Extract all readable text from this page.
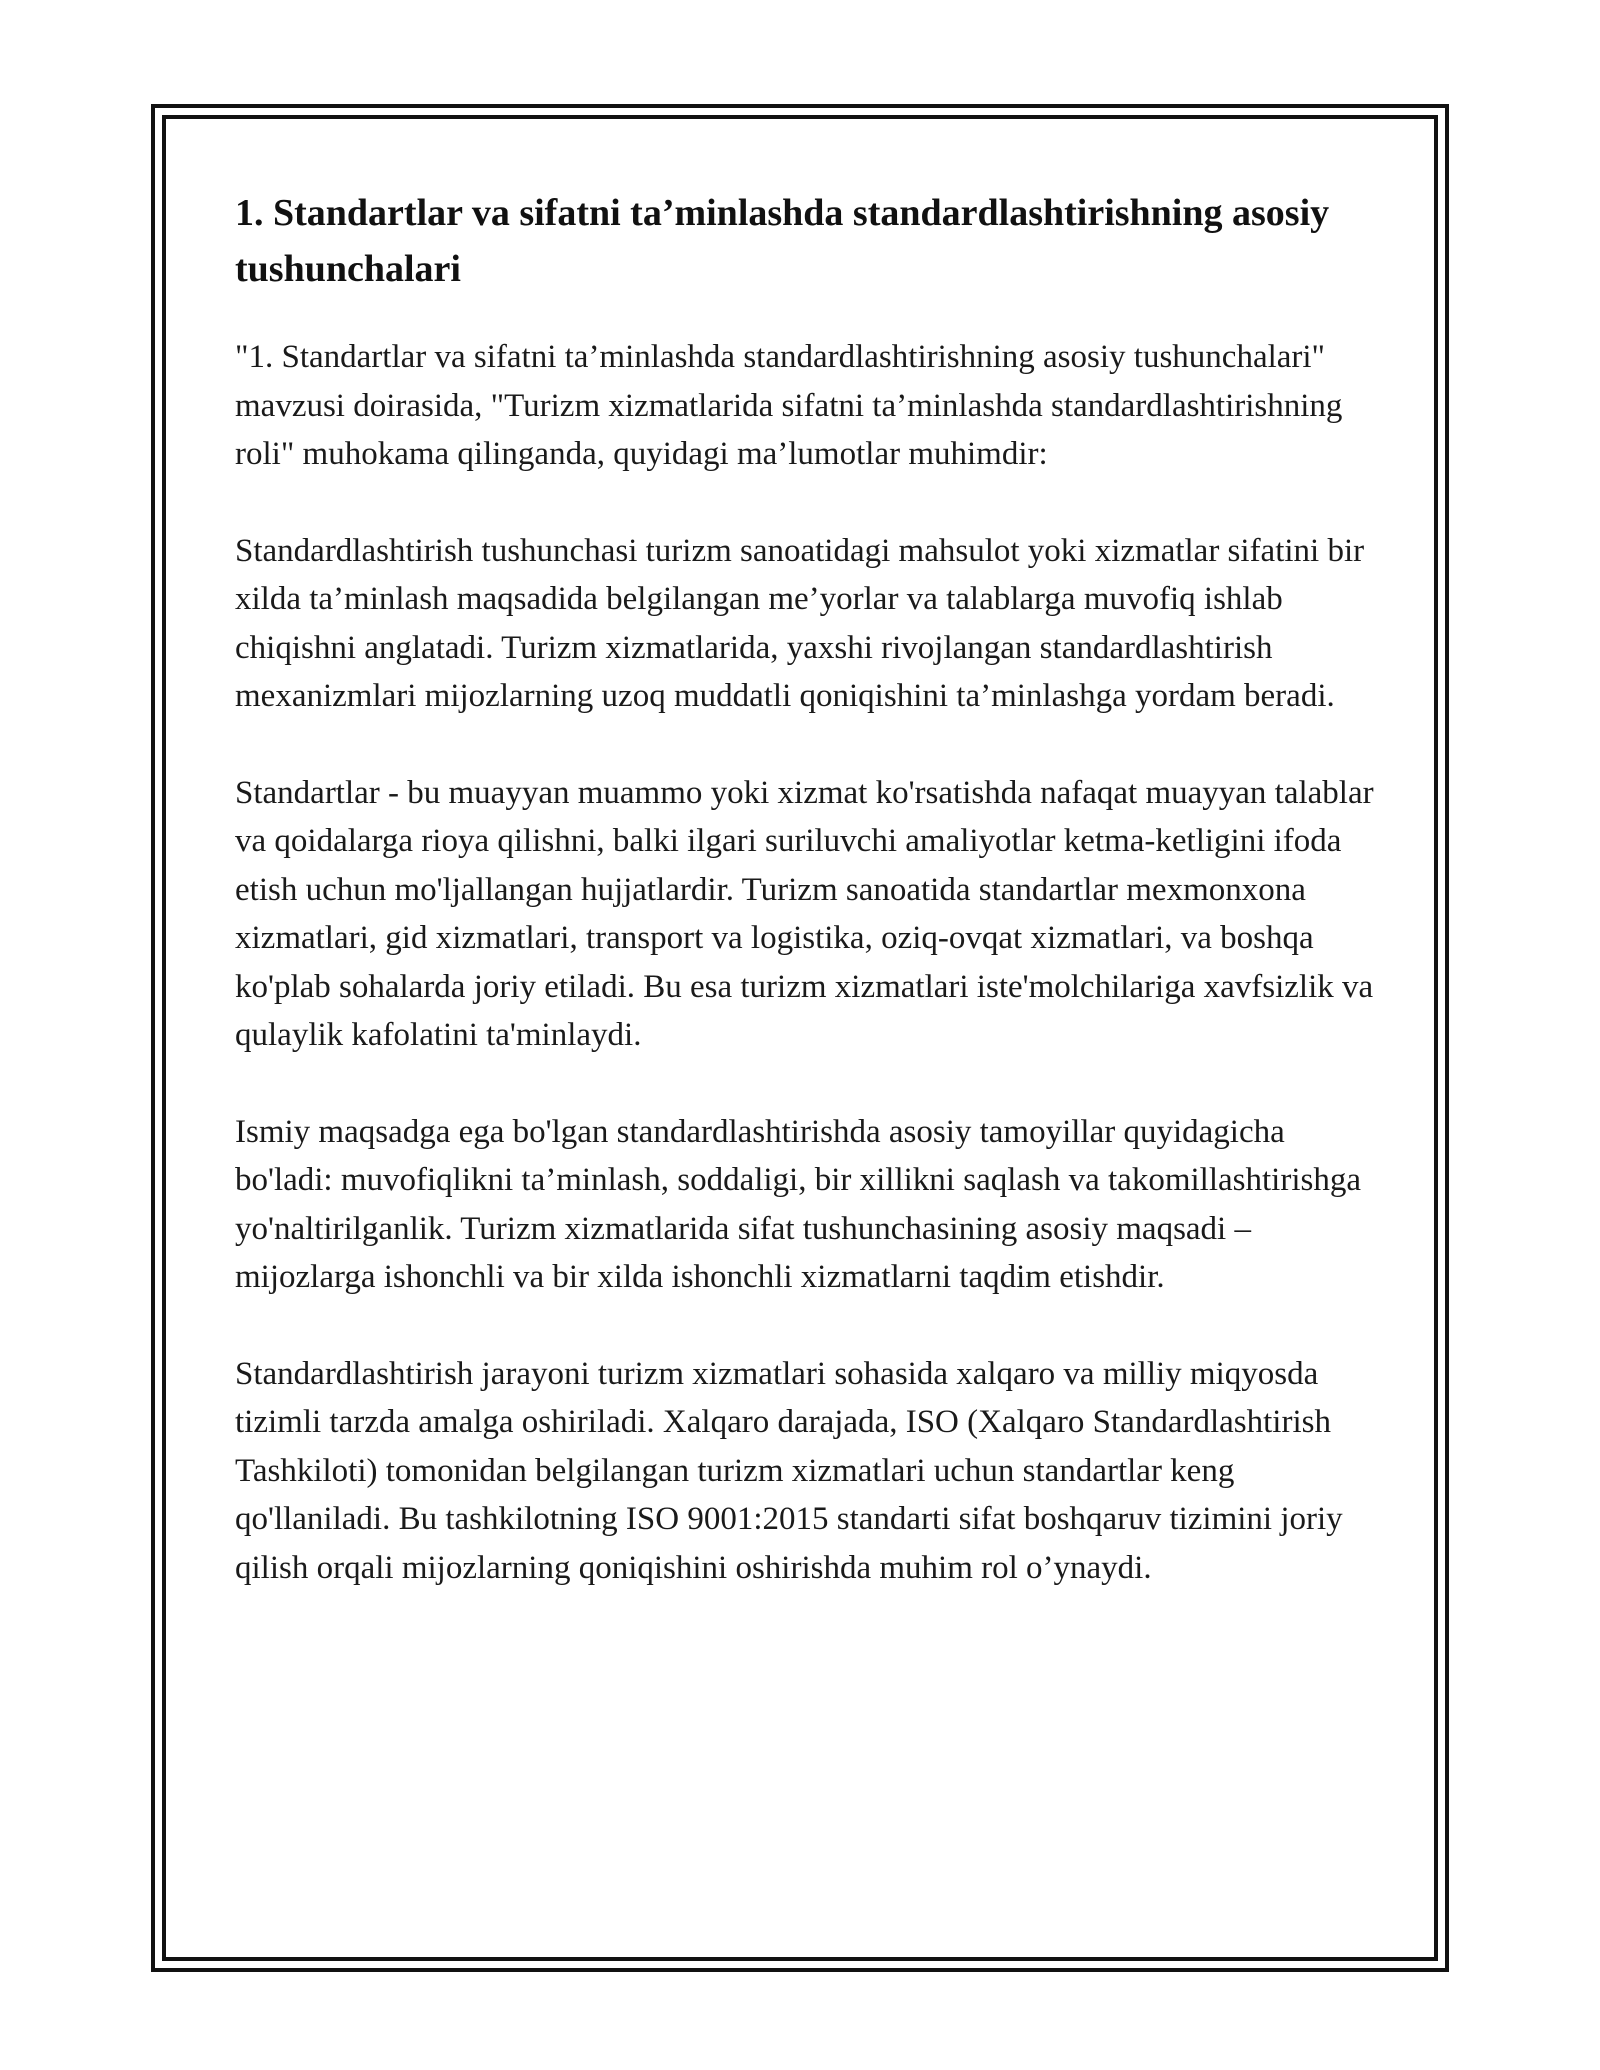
1. Standartlar va sifatni ta’minlashda standardlashtirishning asosiy tushunchalari

"1. Standartlar va sifatni ta’minlashda standardlashtirishning asosiy tushunchalari" mavzusi doirasida, "Turizm xizmatlarida sifatni ta’minlashda standardlashtirishning roli" muhokama qilinganda, quyidagi ma’lumotlar muhimdir:

Standardlashtirish tushunchasi turizm sanoatidagi mahsulot yoki xizmatlar sifatini bir xilda ta’minlash maqsadida belgilangan me’yorlar va talablarga muvofiq ishlab chiqishni anglatadi. Turizm xizmatlarida, yaxshi rivojlangan standardlashtirish mexanizmlari mijozlarning uzoq muddatli qoniqishini ta’minlashga yordam beradi.

Standartlar - bu muayyan muammo yoki xizmat ko'rsatishda nafaqat muayyan talablar va qoidalarga rioya qilishni, balki ilgari suriluvchi amaliyotlar ketma-ketligini ifoda etish uchun mo'ljallangan hujjatlardir. Turizm sanoatida standartlar mexmonxona xizmatlari, gid xizmatlari, transport va logistika, oziq-ovqat xizmatlari, va boshqa ko'plab sohalarda joriy etiladi. Bu esa turizm xizmatlari iste'molchilariga xavfsizlik va qulaylik kafolatini ta'minlaydi.

Ismiy maqsadga ega bo'lgan standardlashtirishda asosiy tamoyillar quyidagicha bo'ladi: muvofiqlikni ta’minlash, soddaligi, bir xillikni saqlash va takomillashtirishga yo'naltirilganlik. Turizm xizmatlarida sifat tushunchasining asosiy maqsadi – mijozlarga ishonchli va bir xilda ishonchli xizmatlarni taqdim etishdir.

Standardlashtirish jarayoni turizm xizmatlari sohasida xalqaro va milliy miqyosda tizimli tarzda amalga oshiriladi. Xalqaro darajada, ISO (Xalqaro Standardlashtirish Tashkiloti) tomonidan belgilangan turizm xizmatlari uchun standartlar keng qo'llaniladi. Bu tashkilotning ISO 9001:2015 standarti sifat boshqaruv tizimini joriy qilish orqali mijozlarning qoniqishini oshirishda muhim rol o’ynaydi.
